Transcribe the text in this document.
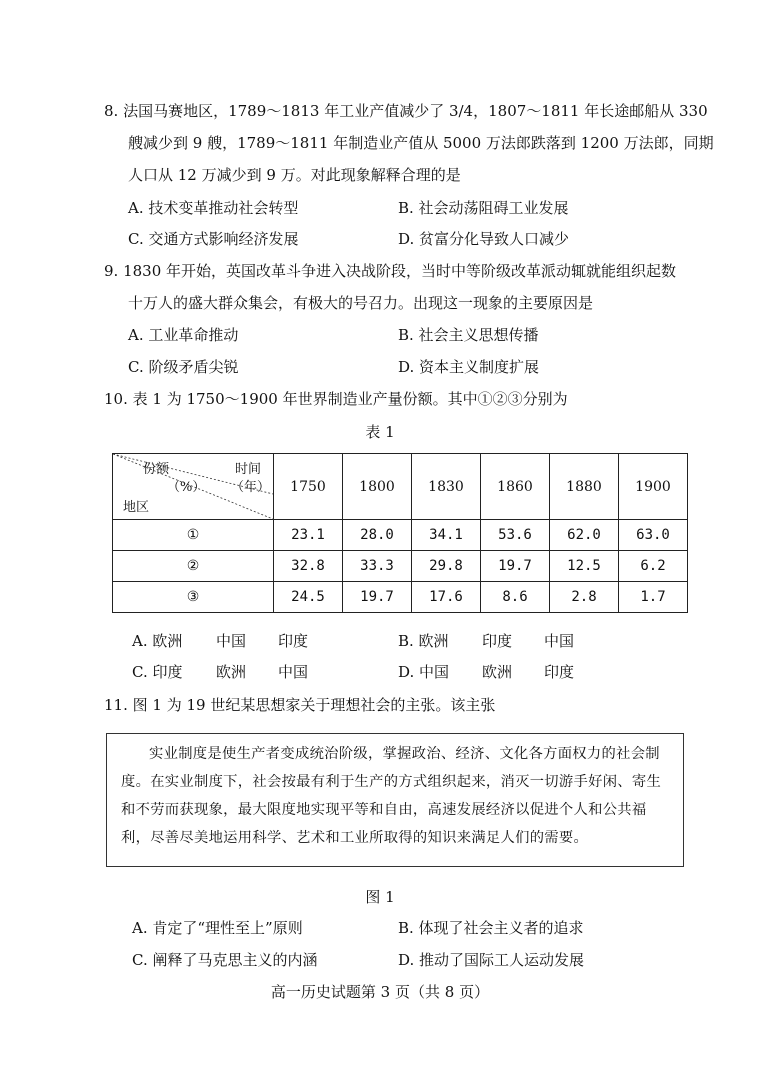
8. 法国马赛地区，1789～1813 年工业产值减少了 3/4，1807～1811 年长途邮船从 330
艘减少到 9 艘，1789～1811 年制造业产值从 5000 万法郎跌落到 1200 万法郎，同期
人口从 12 万减少到 9 万。对此现象解释合理的是
A. 技术变革推动社会转型	B. 社会动荡阻碍工业发展
C. 交通方式影响经济发展	D. 贫富分化导致人口减少
9. 1830 年开始，英国改革斗争进入决战阶段，当时中等阶级改革派动辄就能组织起数
十万人的盛大群众集会，有极大的号召力。出现这一现象的主要原因是
A. 工业革命推动	B. 社会主义思想传播
C. 阶级矛盾尖锐	D. 资本主义制度扩展
10. 表 1 为 1750～1900 年世界制造业产量份额。其中①②③分别为
表 1
份额 时间
（%） （年）
地区	1750	1800	1830	1860	1880	1900
①	23.1	28.0	34.1	53.6	62.0	63.0
②	32.8	33.3	29.8	19.7	12.5	6.2
③	24.5	19.7	17.6	8.6	2.8	1.7
A. 欧洲 中国 印度	B. 欧洲 印度 中国
C. 印度 欧洲 中国	D. 中国 欧洲 印度
11. 图 1 为 19 世纪某思想家关于理想社会的主张。该主张
实业制度是使生产者变成统治阶级，掌握政治、经济、文化各方面权力的社会制度。在实业制度下，社会按最有利于生产的方式组织起来，消灭一切游手好闲、寄生和不劳而获现象，最大限度地实现平等和自由，高速发展经济以促进个人和公共福利，尽善尽美地运用科学、艺术和工业所取得的知识来满足人们的需要。
图 1
A. 肯定了“理性至上”原则	B. 体现了社会主义者的追求
C. 阐释了马克思主义的内涵	D. 推动了国际工人运动发展
高一历史试题第 3 页（共 8 页）
